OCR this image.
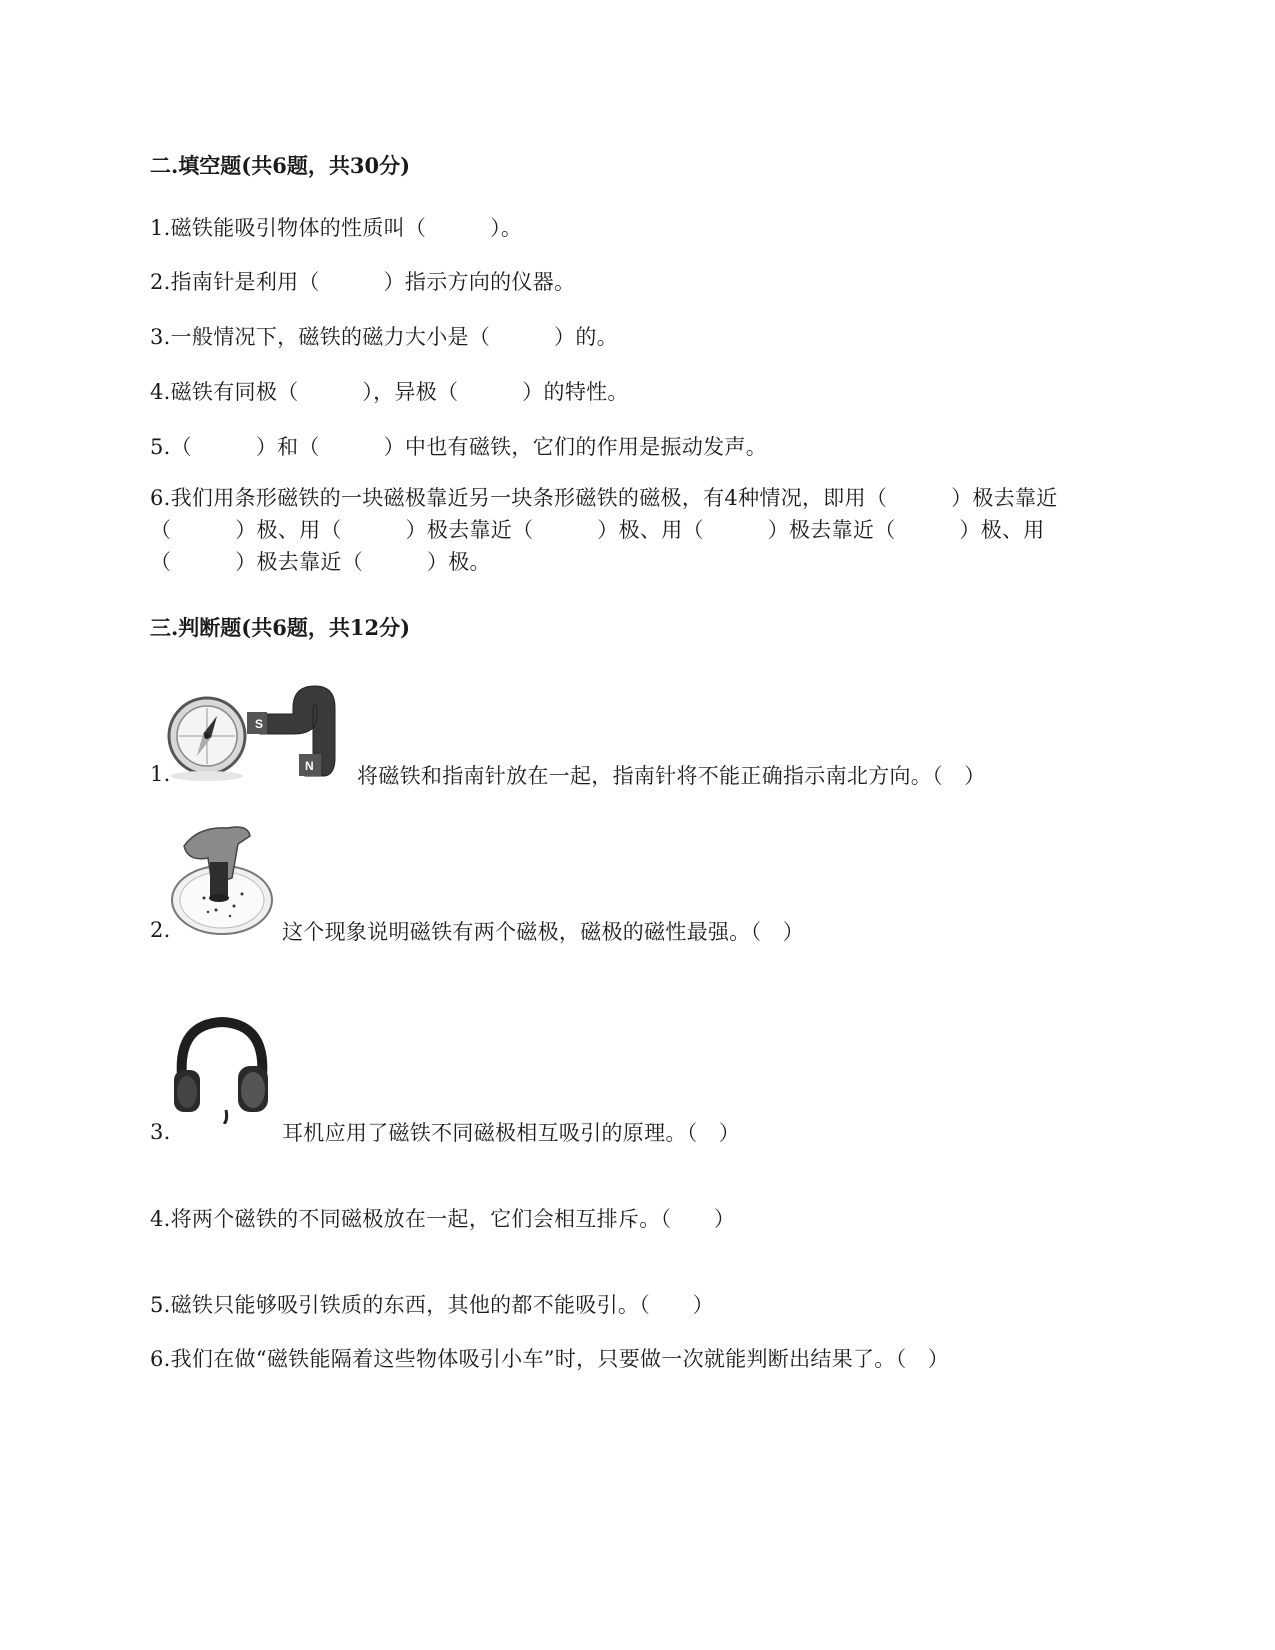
二.填空题(共6题，共30分)
1.磁铁能吸引物体的性质叫（　　　）。
2.指南针是利用（　　　）指示方向的仪器。
3.一般情况下，磁铁的磁力大小是（　　　）的。
4.磁铁有同极（　　　），异极（　　　）的特性。
5.（　　　）和（　　　）中也有磁铁，它们的作用是振动发声。
6.我们用条形磁铁的一块磁极靠近另一块条形磁铁的磁极，有4种情况，即用（　　　）极去靠近（　　　）极、用（　　　）极去靠近（　　　）极、用（　　　）极去靠近（　　　）极、用（　　　）极去靠近（　　　）极。
三.判断题(共6题，共12分)
S
N
1.	将磁铁和指南针放在一起，指南针将不能正确指示南北方向。（　）
2.	这个现象说明磁铁有两个磁极，磁极的磁性最强。（　）
3.	耳机应用了磁铁不同磁极相互吸引的原理。（　）
4.将两个磁铁的不同磁极放在一起，它们会相互排斥。（　　）
5.磁铁只能够吸引铁质的东西，其他的都不能吸引。（　　）
6.我们在做“磁铁能隔着这些物体吸引小车”时，只要做一次就能判断出结果了。（　）
